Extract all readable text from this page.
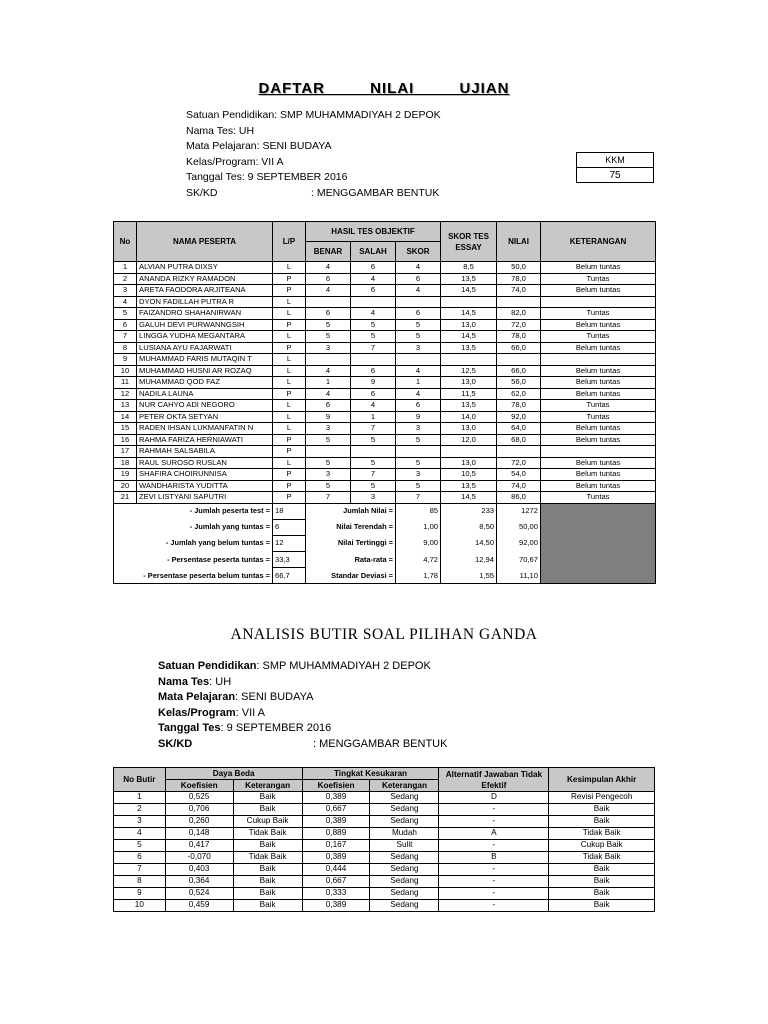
DAFTAR NILAI UJIAN
Satuan Pendidikan: SMP MUHAMMADIYAH 2 DEPOK
Nama Tes: UH
Mata Pelajaran: SENI BUDAYA
Kelas/Program: VII A
Tanggal Tes: 9 SEPTEMBER 2016
SK/KD	: MENGGAMBAR BENTUK
KKM
75
No	NAMA PESERTA	L/P	HASIL TES OBJEKTIF			SKOR TES ESSAY	NILAI	KETERANGAN
			BENAR	SALAH	SKOR			
1	ALVIAN PUTRA DIXSY	L	4	6	4	8,5	50,0	Belum tuntas
2	ANANDA RIZKY RAMADON	P	6	4	6	13,5	78,0	Tuntas
3	ARETA FAODORA ARJITEANA	P	4	6	4	14,5	74,0	Belum tuntas
4	DYON FADILLAH PUTRA R	L						
5	FAIZANDRO SHAHANIRWAN	L	6	4	6	14,5	82,0	Tuntas
6	GALUH DEVI PURWANNGSIH	P	5	5	5	13,0	72,0	Belum tuntas
7	LINGGA YUDHA MEGANTARA	L	5	5	5	14,5	78,0	Tuntas
8	LUSIANA AYU FAJARWATI	P	3	7	3	13,5	66,0	Belum tuntas
9	MUHAMMAD FARIS MUTAQIN T	L						
10	MUHAMMAD HUSNI AR ROZAQ	L	4	6	4	12,5	66,0	Belum tuntas
11	MUHAMMAD QOD FAZ	L	1	9	1	13,0	56,0	Belum tuntas
12	NADILA LAUNA	P	4	6	4	11,5	62,0	Belum tuntas
13	NUR CAHYO ADI NEGORO	L	6	4	6	13,5	78,0	Tuntas
14	PETER OKTA SETYAN	L	9	1	9	14,0	92,0	Tuntas
15	RADEN IHSAN LUKMANFATIN N	L	3	7	3	13,0	64,0	Belum tuntas
16	RAHMA FARIZA HERNIAWATI	P	5	5	5	12,0	68,0	Belum tuntas
17	RAHMAH SALSABILA	P						
18	RAUL SUROSO RUSLAN	L	5	5	5	13,0	72,0	Belum tuntas
19	SHAFIRA CHOIRUNNISA	P	3	7	3	10,5	54,0	Belum tuntas
20	WANDHARISTA YUDITTA	P	5	5	5	13,5	74,0	Belum tuntas
21	ZEVI LISTYANI SAPUTRI	P	7	3	7	14,5	86,0	Tuntas
- Jumlah peserta test =		18	Jumlah Nilai =		85	233	1272	
- Jumlah yang tuntas =		6	Nilai Terendah =		1,00	8,50	50,00	
- Jumlah yang belum tuntas =		12	Nilai Tertinggi =		9,00	14,50	92,00	
- Persentase peserta tuntas =		33,3	Rata-rata =		4,72	12,94	70,67	
- Persentase peserta belum tuntas =		66,7	Standar Deviasi =		1,78	1,55	11,10	
ANALISIS BUTIR SOAL PILIHAN GANDA
Satuan Pendidikan: SMP MUHAMMADIYAH 2 DEPOK
Nama Tes: UH
Mata Pelajaran: SENI BUDAYA
Kelas/Program: VII A
Tanggal Tes: 9 SEPTEMBER 2016
SK/KD	: MENGGAMBAR BENTUK
No Butir	Daya Beda		Tingkat Kesukaran		Alternatif Jawaban Tidak Efektif	Kesimpulan Akhir
	Koefisien	Keterangan	Koefisien	Keterangan		
1	0,525	Baik	0,389	Sedang	D	Revisi Pengecoh
2	0,706	Baik	0,667	Sedang	-	Baik
3	0,260	Cukup Baik	0,389	Sedang	-	Baik
4	0,148	Tidak Baik	0,889	Mudah	A	Tidak Baik
5	0,417	Baik	0,167	Sulit	-	Cukup Baik
6	-0,070	Tidak Baik	0,389	Sedang	B	Tidak Baik
7	0,403	Baik	0,444	Sedang	-	Baik
8	0,364	Baik	0,667	Sedang	-	Baik
9	0,524	Baik	0,333	Sedang	-	Baik
10	0,459	Baik	0,389	Sedang	-	Baik
